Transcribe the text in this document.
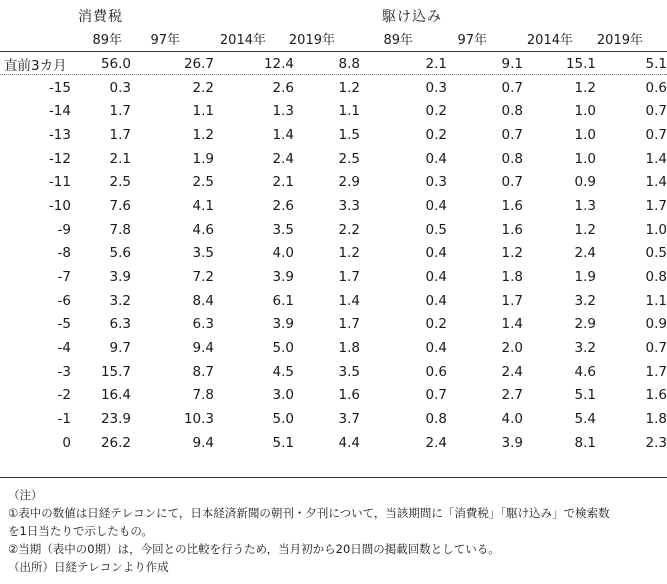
消費税	駆け込み
89年	97年	2014年	2019年	89年	97年	2014年	2019年
直前3カ月	56.0	26.7	12.4	8.8	2.1	9.1	15.1	5.1
-15	0.3	2.2	2.6	1.2	0.3	0.7	1.2	0.6
-14	1.7	1.1	1.3	1.1	0.2	0.8	1.0	0.7
-13	1.7	1.2	1.4	1.5	0.2	0.7	1.0	0.7
-12	2.1	1.9	2.4	2.5	0.4	0.8	1.0	1.4
-11	2.5	2.5	2.1	2.9	0.3	0.7	0.9	1.4
-10	7.6	4.1	2.6	3.3	0.4	1.6	1.3	1.7
-9	7.8	4.6	3.5	2.2	0.5	1.6	1.2	1.0
-8	5.6	3.5	4.0	1.2	0.4	1.2	2.4	0.5
-7	3.9	7.2	3.9	1.7	0.4	1.8	1.9	0.8
-6	3.2	8.4	6.1	1.4	0.4	1.7	3.2	1.1
-5	6.3	6.3	3.9	1.7	0.2	1.4	2.9	0.9
-4	9.7	9.4	5.0	1.8	0.4	2.0	3.2	0.7
-3	15.7	8.7	4.5	3.5	0.6	2.4	4.6	1.7
-2	16.4	7.8	3.0	1.6	0.7	2.7	5.1	1.6
-1	23.9	10.3	5.0	3.7	0.8	4.0	5.4	1.8
0	26.2	9.4	5.1	4.4	2.4	3.9	8.1	2.3
（注）
①表中の数値は日経テレコンにて，日本経済新聞の朝刊・夕刊について，当該期間に「消費税」「駆け込み」で検索数
を1日当たりで示したもの。
②当期（表中の0期）は，今回との比較を行うため，当月初から20日間の掲載回数としている。
（出所）日経テレコンより作成
